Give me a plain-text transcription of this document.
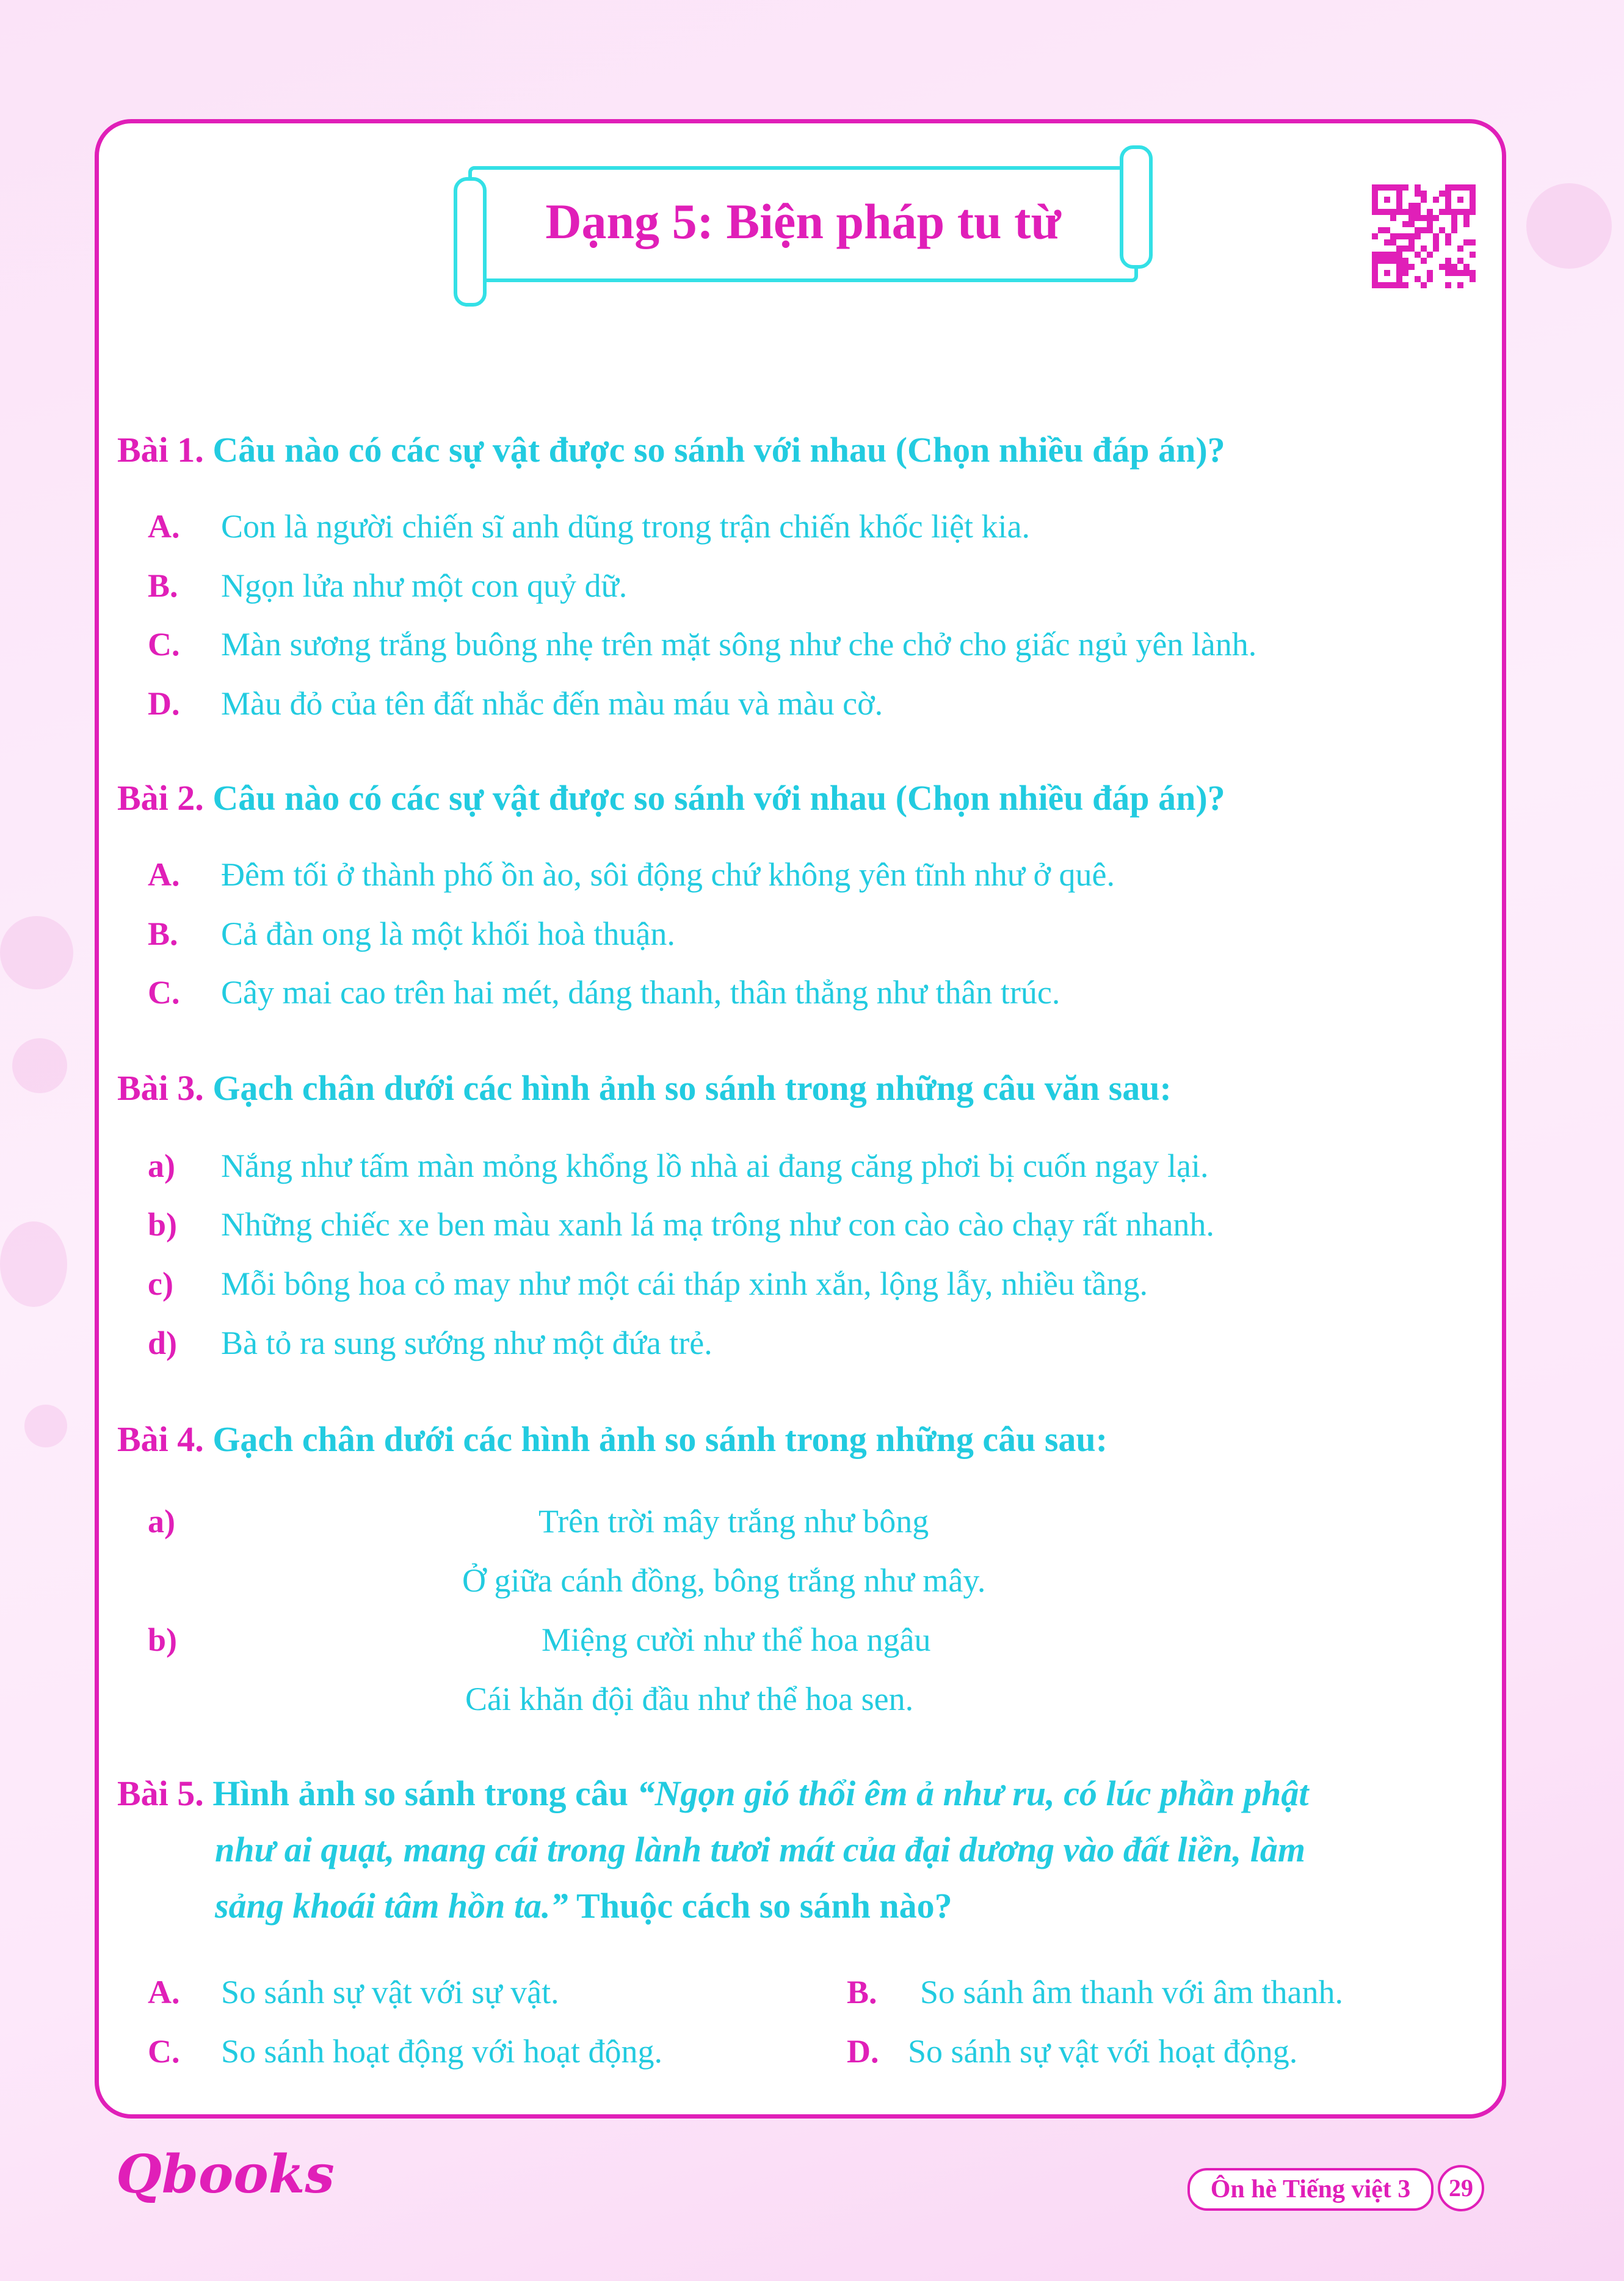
Dạng 5: Biện pháp tu từ
Bài 1. Câu nào có các sự vật được so sánh với nhau (Chọn nhiều đáp án)?
A. Con là người chiến sĩ anh dũng trong trận chiến khốc liệt kia.
B. Ngọn lửa như một con quỷ dữ.
C. Màn sương trắng buông nhẹ trên mặt sông như che chở cho giấc ngủ yên lành.
D. Màu đỏ của tên đất nhắc đến màu máu và màu cờ.
Bài 2. Câu nào có các sự vật được so sánh với nhau (Chọn nhiều đáp án)?
A. Đêm tối ở thành phố ồn ào, sôi động chứ không yên tĩnh như ở quê.
B. Cả đàn ong là một khối hoà thuận.
C. Cây mai cao trên hai mét, dáng thanh, thân thẳng như thân trúc.
Bài 3. Gạch chân dưới các hình ảnh so sánh trong những câu văn sau:
a) Nắng như tấm màn mỏng khổng lồ nhà ai đang căng phơi bị cuốn ngay lại.
b) Những chiếc xe ben màu xanh lá mạ trông như con cào cào chạy rất nhanh.
c) Mỗi bông hoa cỏ may như một cái tháp xinh xắn, lộng lẫy, nhiều tầng.
d) Bà tỏ ra sung sướng như một đứa trẻ.
Bài 4. Gạch chân dưới các hình ảnh so sánh trong những câu sau:
a)	Trên trời mây trắng như bông
Ở giữa cánh đồng, bông trắng như mây.
b)	Miệng cười như thể hoa ngâu
Cái khăn đội đầu như thể hoa sen.
Bài 5. Hình ảnh so sánh trong câu “Ngọn gió thổi êm ả như ru, có lúc phần phật
như ai quạt, mang cái trong lành tươi mát của đại dương vào đất liền, làm
sảng khoái tâm hồn ta.” Thuộc cách so sánh nào?
A. So sánh sự vật với sự vật.	B. So sánh âm thanh với âm thanh.
C. So sánh hoạt động với hoạt động.	D. So sánh sự vật với hoạt động.
Qbooks	Ôn hè Tiếng việt 3	29
